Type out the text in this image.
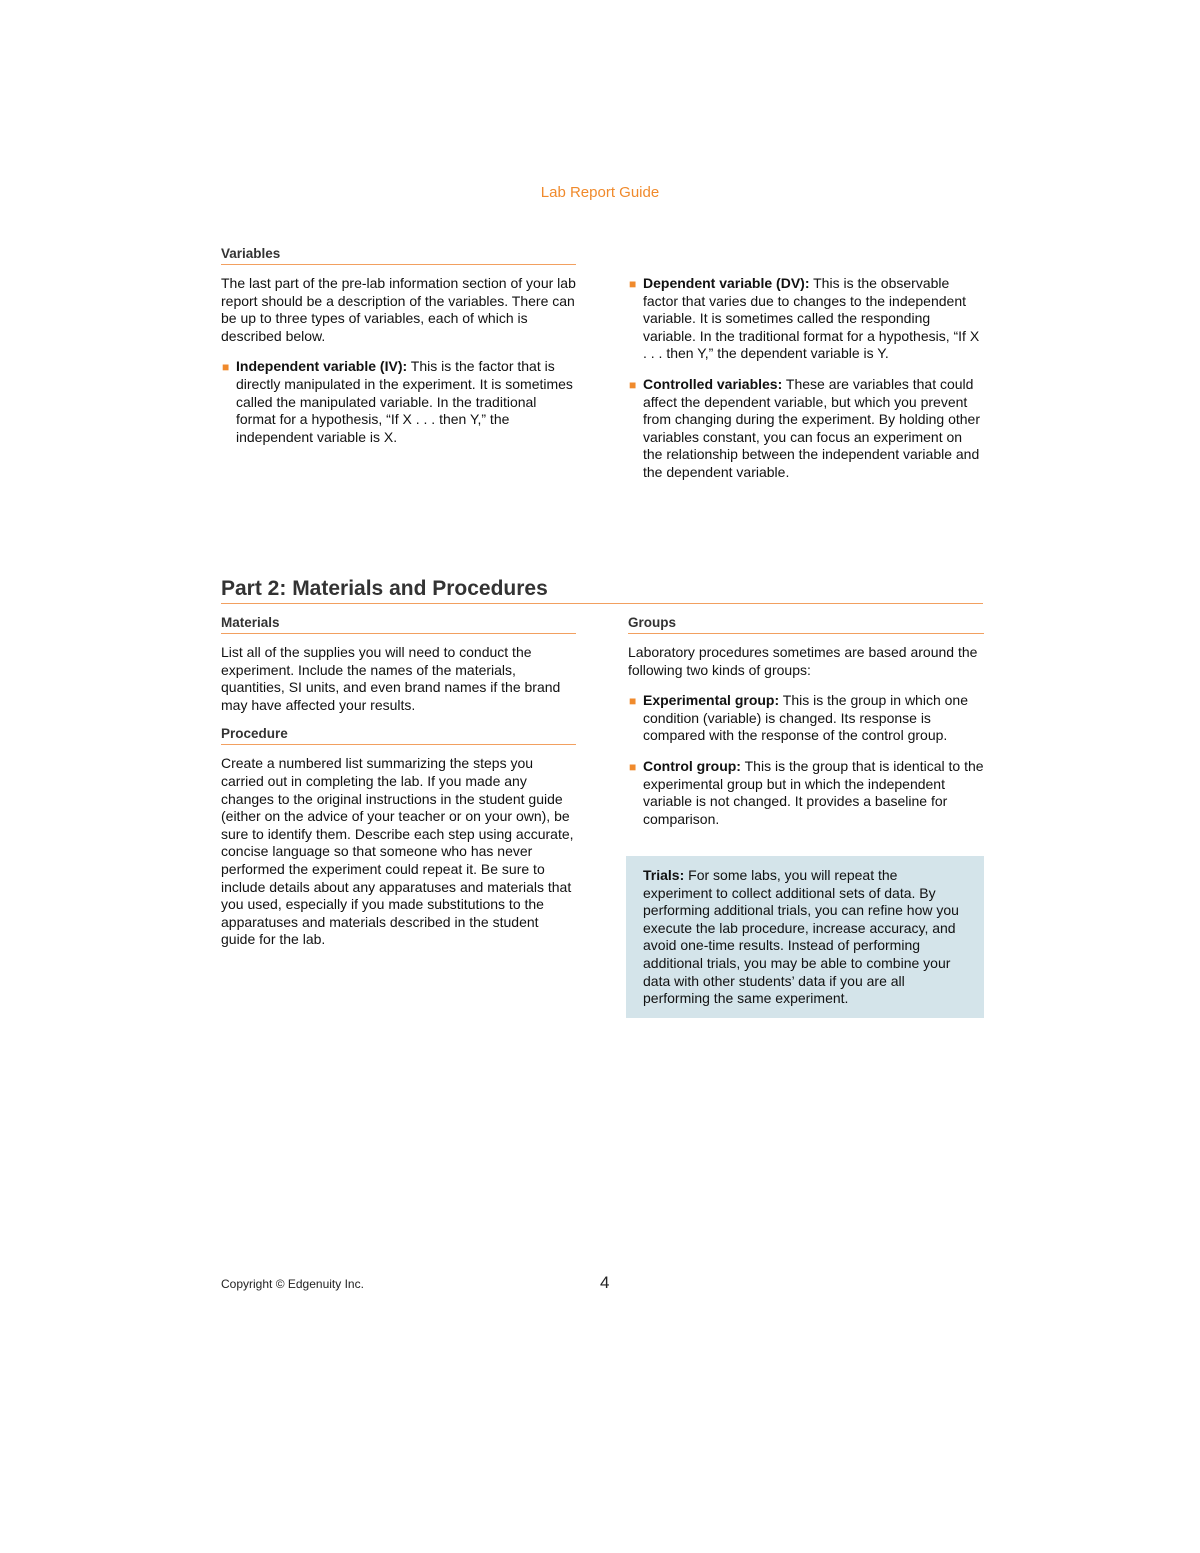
Lab Report Guide
Variables

The last part of the pre-lab information section of your lab report should be a description of the variables. There can be up to three types of variables, each of which is described below.

■ Independent variable (IV): This is the factor that is directly manipulated in the experiment. It is sometimes called the manipulated variable. In the traditional format for a hypothesis, “If X . . . then Y,” the independent variable is X.
■ Dependent variable (DV): This is the observable factor that varies due to changes to the independent variable. It is sometimes called the responding variable. In the traditional format for a hypothesis, “If X . . . then Y,” the dependent variable is Y.
■ Controlled variables: These are variables that could affect the dependent variable, but which you prevent from changing during the experiment. By holding other variables constant, you can focus an experiment on the relationship between the independent variable and the dependent variable.
Part 2: Materials and Procedures
Materials

List all of the supplies you will need to conduct the experiment. Include the names of the materials, quantities, SI units, and even brand names if the brand may have affected your results.

Procedure

Create a numbered list summarizing the steps you carried out in completing the lab. If you made any changes to the original instructions in the student guide (either on the advice of your teacher or on your own), be sure to identify them. Describe each step using accurate, concise language so that someone who has never performed the experiment could repeat it. Be sure to include details about any apparatuses and materials that you used, especially if you made substitutions to the apparatuses and materials described in the student guide for the lab.

Groups

Laboratory procedures sometimes are based around the following two kinds of groups:

■ Experimental group: This is the group in which one condition (variable) is changed. Its response is compared with the response of the control group.
■ Control group: This is the group that is identical to the experimental group but in which the independent variable is not changed. It provides a baseline for comparison.
Trials: For some labs, you will repeat the experiment to collect additional sets of data. By performing additional trials, you can refine how you execute the lab procedure, increase accuracy, and avoid one-time results. Instead of performing additional trials, you may be able to combine your data with other students’ data if you are all performing the same experiment.
Copyright © Edgenuity Inc.	4
